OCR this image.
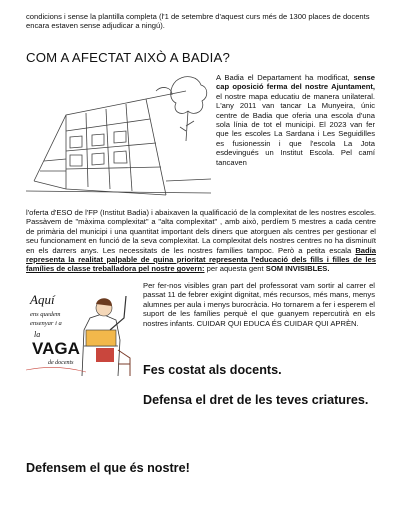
condicions i sense la plantilla completa (l'1 de setembre d'aquest curs més de 1300 places de docents encara estaven sense adjudicar a ningú).

COM A AFECTAT AIXÒ A BADIA?

A Badia el Departament ha modificat, sense cap oposició ferma del nostre Ajuntament, el nostre mapa educatiu de manera unilateral. L'any 2011 van tancar La Munyeira, únic centre de Badia que oferia una escola d'una sola línia de tot el municipi. El 2023 van fer que les escoles La Sardana i Les Seguidilles es fusionessin i que l'escola La Jota esdevingués un Institut Escola. Pel camí tancaven

l'oferta d'ESO de l'FP (Institut Badia) i abaixaven la qualificació de la complexitat de les nostres escoles. Passàvem de "màxima complexitat" a "alta complexitat" , amb això, perdíem 5 mestres a cada centre de primària del municipi i una quantitat important dels diners que atorguen als centres per gestionar el seu funcionament en funció de la seva complexitat. La complexitat dels nostres centres no ha disminuït en els darrers anys. Les necessitats de les nostres famílies tampoc. Però a petita escala Badia representa la realitat palpable de quina prioritat representa l'educació dels fills i filles de les famílies de classe treballadora pel nostre govern: per aquesta gent SOM INVISIBLES.

Aquí
ens quedem
ensenyar i a
la
VAGA
de docents

Per fer-nos visibles gran part del professorat vam sortir al carrer el passat 11 de febrer exigint dignitat, més recursos, més mans, menys alumnes per aula i menys burocràcia. Ho tornarem a fer i esperem el suport de les famílies perquè el que guanyem repercutirà en els nostres infants. CUIDAR QUI EDUCA ÉS CUIDAR QUI APRÈN.

Fes costat als docents.

Defensa el dret de les teves criatures.

Defensem el que és nostre!
